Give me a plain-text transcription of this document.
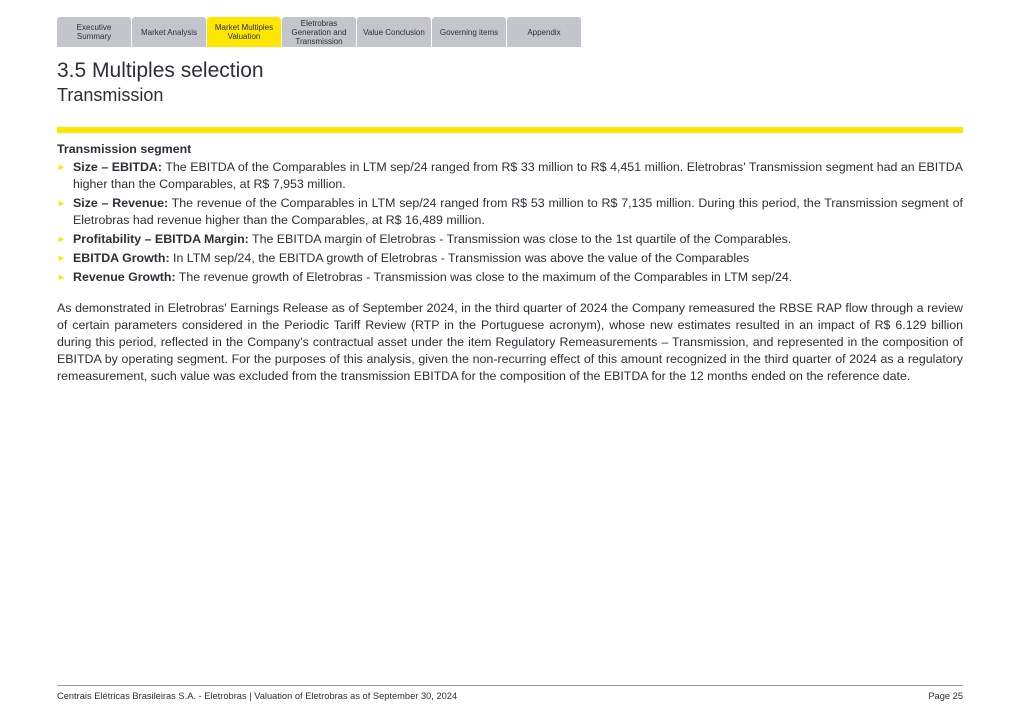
Executive Summary	Market Analysis	Market Multiples Valuation
Eletrobras Generation and Transmission
Value Conclusion Governing items	Appendix
3.5 Multiples selection
Transmission
Transmission segment
► Size – EBITDA: The EBITDA of the Comparables in LTM sep/24 ranged from R$ 33 million to R$ 4,451 million. Eletrobras' Transmission segment had an EBITDA higher than the Comparables, at R$ 7,953 million.
► Size – Revenue: The revenue of the Comparables in LTM sep/24 ranged from R$ 53 million to R$ 7,135 million. During this period, the Transmission segment of Eletrobras had revenue higher than the Comparables, at R$ 16,489 million.
► Profitability – EBITDA Margin: The EBITDA margin of Eletrobras - Transmission was close to the 1st quartile of the Comparables.
► EBITDA Growth: In LTM sep/24, the EBITDA growth of Eletrobras - Transmission was above the value of the Comparables
► Revenue Growth: The revenue growth of Eletrobras - Transmission was close to the maximum of the Comparables in LTM sep/24.

As demonstrated in Eletrobras' Earnings Release as of September 2024, in the third quarter of 2024 the Company remeasured the RBSE RAP flow through a review of certain parameters considered in the Periodic Tariff Review (RTP in the Portuguese acronym), whose new estimates resulted in an impact of R$ 6.129 billion during this period, reflected in the Company's contractual asset under the item Regulatory Remeasurements – Transmission, and represented in the composition of EBITDA by operating segment. For the purposes of this analysis, given the non-recurring effect of this amount recognized in the third quarter of 2024 as a regulatory remeasurement, such value was excluded from the transmission EBITDA for the composition of the EBITDA for the 12 months ended on the reference date.

Centrais Elétricas Brasileiras S.A. - Eletrobras | Valuation of Eletrobras as of September 30, 2024	Page 25
